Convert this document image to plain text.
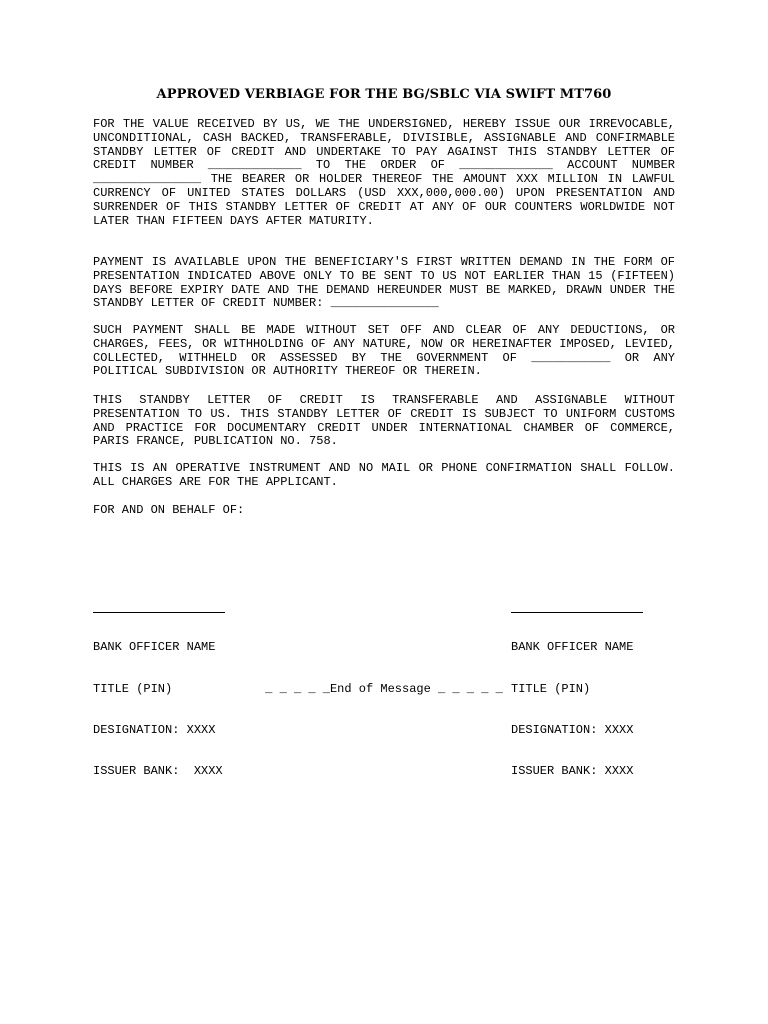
APPROVED VERBIAGE FOR THE BG/SBLC VIA SWIFT MT760

FOR THE VALUE RECEIVED BY US, WE THE UNDERSIGNED, HEREBY ISSUE OUR IRREVOCABLE, UNCONDITIONAL, CASH BACKED, TRANSFERABLE, DIVISIBLE, ASSIGNABLE AND CONFIRMABLE STANDBY LETTER OF CREDIT AND UNDERTAKE TO PAY AGAINST THIS STANDBY LETTER OF CREDIT NUMBER _____________ TO THE ORDER OF _____________ ACCOUNT NUMBER _______________ THE BEARER OR HOLDER THEREOF THE AMOUNT XXX MILLION IN LAWFUL CURRENCY OF UNITED STATES DOLLARS (USD XXX,000,000.00) UPON PRESENTATION AND SURRENDER OF THIS STANDBY LETTER OF CREDIT AT ANY OF OUR COUNTERS WORLDWIDE NOT LATER THAN FIFTEEN DAYS AFTER MATURITY.

PAYMENT IS AVAILABLE UPON THE BENEFICIARY'S FIRST WRITTEN DEMAND IN THE FORM OF PRESENTATION INDICATED ABOVE ONLY TO BE SENT TO US NOT EARLIER THAN 15 (FIFTEEN) DAYS BEFORE EXPIRY DATE AND THE DEMAND HEREUNDER MUST BE MARKED, DRAWN UNDER THE STANDBY LETTER OF CREDIT NUMBER: _______________

SUCH PAYMENT SHALL BE MADE WITHOUT SET OFF AND CLEAR OF ANY DEDUCTIONS, OR CHARGES, FEES, OR WITHHOLDING OF ANY NATURE, NOW OR HEREINAFTER IMPOSED, LEVIED, COLLECTED, WITHHELD OR ASSESSED BY THE GOVERNMENT OF ___________ OR ANY POLITICAL SUBDIVISION OR AUTHORITY THEREOF OR THEREIN.

THIS STANDBY LETTER OF CREDIT IS TRANSFERABLE AND ASSIGNABLE WITHOUT PRESENTATION TO US. THIS STANDBY LETTER OF CREDIT IS SUBJECT TO UNIFORM CUSTOMS AND PRACTICE FOR DOCUMENTARY CREDIT UNDER INTERNATIONAL CHAMBER OF COMMERCE, PARIS FRANCE, PUBLICATION NO. 758.

THIS IS AN OPERATIVE INSTRUMENT AND NO MAIL OR PHONE CONFIRMATION SHALL FOLLOW. ALL CHARGES ARE FOR THE APPLICANT.

FOR AND ON BEHALF OF:

BANK OFFICER NAME

TITLE (PIN)

DESIGNATION: XXXX

ISSUER BANK:  XXXX

BANK OFFICER NAME

TITLE (PIN)

DESIGNATION: XXXX

ISSUER BANK: XXXX

_ _ _ _ _End of Message _ _ _ _ _
